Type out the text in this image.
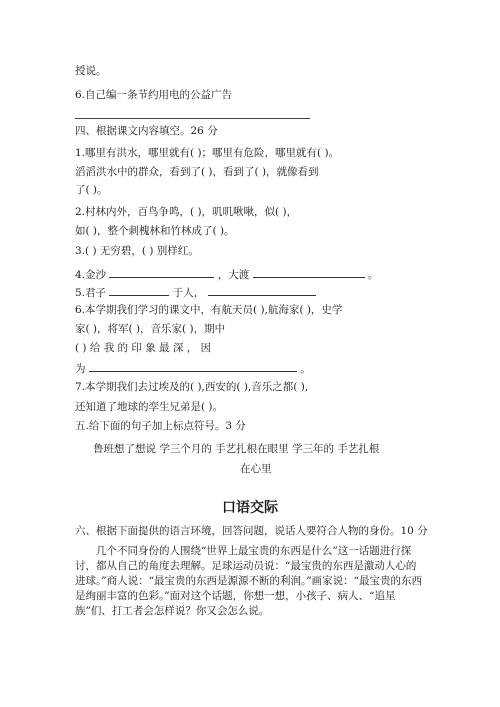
授说。
6.自己编一条节约用电的公益广告
四、根据课文内容填空。26 分
1.哪里有洪水，哪里就有( )；哪里有危险，哪里就有( )。
滔滔洪水中的群众，看到了( )，看到了( )，就像看到
了( )。
2.村林内外，百鸟争鸣，( )，叽叽啾啾，似( )，
如( )，整个刺槐林和竹林成了( )。
3.( ) 无穷碧，( ) 别样红。
4.金沙	，大渡	。
5.君子	于人，
6.本学期我们学习的课文中，有航天员( ),航海家( )，史学
家( )，将军( )，音乐家( )，期中
( ) 给 我 的 印 象 最 深 ， 因
为	。
7.本学期我们去过埃及的( ),西安的( ),音乐之都( ),
还知道了地球的孪生兄弟是( )。
五.给下面的句子加上标点符号。3 分
鲁班想了想说 学三个月的 手艺扎根在眼里 学三年的 手艺扎根
在心里
口语交际
六、根据下面提供的语言环境，回答问题，说话人要符合人物的身份。10 分
几个不同身份的人围绕“世界上最宝贵的东西是什么”这一话题进行探讨，都从自己的角度去理解。足球运动员说：“最宝贵的东西是激动人心的进球。”商人说：“最宝贵的东西是源源不断的利润。”画家说：“最宝贵的东西是绚丽丰富的色彩。”面对这个话题，你想一想，小孩子、病人、“追星族”们、打工者会怎样说？你又会怎么说。
